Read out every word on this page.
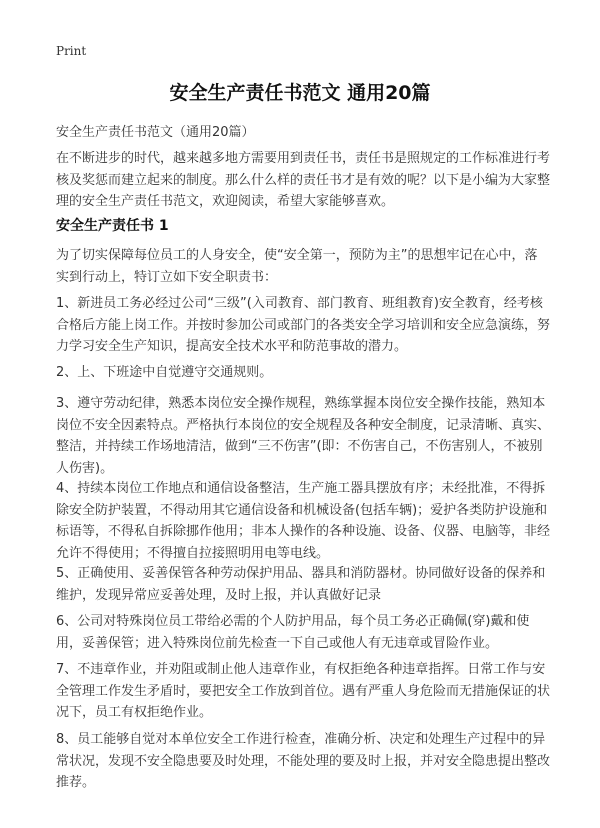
Print
安全生产责任书范文 通用20篇

安全生产责任书范文（通用20篇）

在不断进步的时代，越来越多地方需要用到责任书，责任书是照规定的工作标准进行考核及奖惩而建立起来的制度。那么什么样的责任书才是有效的呢？以下是小编为大家整理的安全生产责任书范文，欢迎阅读，希望大家能够喜欢。

安全生产责任书 1

为了切实保障每位员工的人身安全，使“安全第一，预防为主”的思想牢记在心中，落实到行动上，特订立如下安全职责书：

1、新进员工务必经过公司“三级”(入司教育、部门教育、班组教育)安全教育，经考核合格后方能上岗工作。并按时参加公司或部门的各类安全学习培训和安全应急演练，努力学习安全生产知识，提高安全技术水平和防范事故的潜力。

2、上、下班途中自觉遵守交通规则。

3、遵守劳动纪律，熟悉本岗位安全操作规程，熟练掌握本岗位安全操作技能，熟知本岗位不安全因素特点。严格执行本岗位的安全规程及各种安全制度，记录清晰、真实、整洁，并持续工作场地清洁，做到“三不伤害”(即：不伤害自己，不伤害别人，不被别人伤害)。

4、持续本岗位工作地点和通信设备整洁，生产施工器具摆放有序；未经批准，不得拆除安全防护装置，不得动用其它通信设备和机械设备(包括车辆)；爱护各类防护设施和标语等，不得私自拆除挪作他用；非本人操作的各种设施、设备、仪器、电脑等，非经允许不得使用；不得擅自拉接照明用电等电线。

5、正确使用、妥善保管各种劳动保护用品、器具和消防器材。协同做好设备的保养和维护，发现异常应妥善处理，及时上报，并认真做好记录

6、公司对特殊岗位员工带给必需的个人防护用品，每个员工务必正确佩(穿)戴和使用，妥善保管；进入特殊岗位前先检查一下自己或他人有无违章或冒险作业。

7、不违章作业，并劝阻或制止他人违章作业，有权拒绝各种违章指挥。日常工作与安全管理工作发生矛盾时，要把安全工作放到首位。遇有严重人身危险而无措施保证的状况下，员工有权拒绝作业。

8、员工能够自觉对本单位安全工作进行检查，准确分析、决定和处理生产过程中的异常状况，发现不安全隐患要及时处理，不能处理的要及时上报，并对安全隐患提出整改推荐。
